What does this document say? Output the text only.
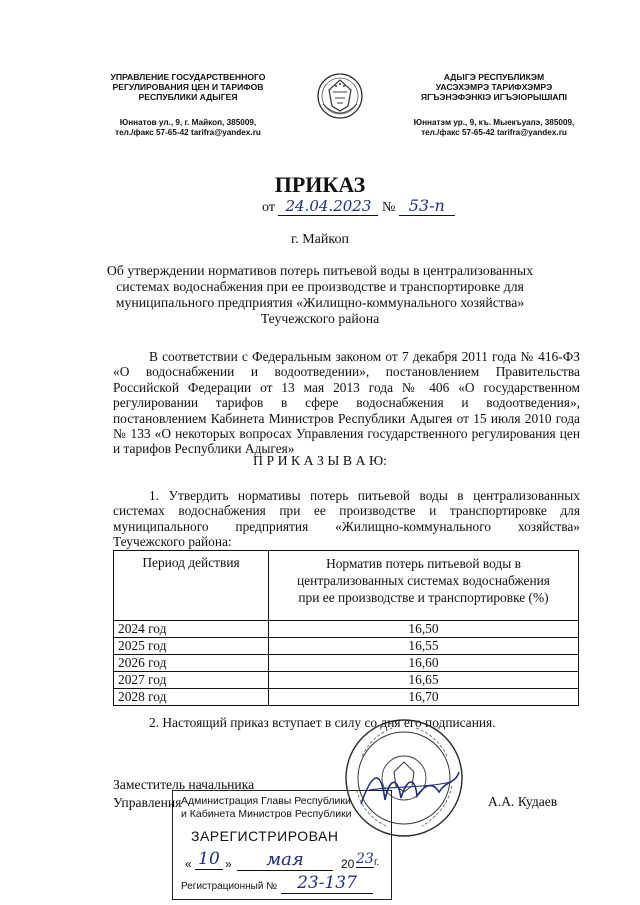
УПРАВЛЕНИЕ ГОСУДАРСТВЕННОГО
РЕГУЛИРОВАНИЯ ЦЕН И ТАРИФОВ
РЕСПУБЛИКИ АДЫГЕЯ
Юннатов ул., 9, г. Майкоп, 385009,
тел./факс 57-65-42 tarifra@yandex.ru
АДЫГЭ РЕСПУБЛИКЭМ
УАСЭХЭМРЭ ТАРИФХЭМРЭ
ЯГЪЭНЭФЭНКIЭ ИГЪЭIОРЫШIАПI
Юннатэм ур., 9, къ. Мыекъуапэ, 385009,
тел./факс 57-65-42 tarifra@yandex.ru
ПРИКАЗ
от 24.04.2023 № 53-п
г. Майкоп
Об утверждении нормативов потерь питьевой воды в централизованных
системах водоснабжения при ее производстве и транспортировке для
муниципального предприятия «Жилищно-коммунального хозяйства»
Теучежского района
В соответствии с Федеральным законом от 7 декабря 2011 года № 416-ФЗ «О водоснабжении и водоотведении», постановлением Правительства Российской Федерации от 13 мая 2013 года № 406 «О государственном регулировании тарифов в сфере водоснабжения и водоотведения», постановлением Кабинета Министров Республики Адыгея от 15 июля 2010 года № 133 «О некоторых вопросах Управления государственного регулирования цен и тарифов Республики Адыгея»
П Р И К А З Ы В А Ю:
1. Утвердить нормативы потерь питьевой воды в централизованных системах водоснабжения при ее производстве и транспортировке для муниципального предприятия «Жилищно-коммунального хозяйства» Теучежского района:
Период действия	Норматив потерь питьевой воды в
централизованных системах водоснабжения
при ее производстве и транспортировке (%)

2024 год	16,50
2025 год	16,55
2026 год	16,60
2027 год	16,65
2028 год	16,70
2. Настоящий приказ вступает в силу со дня его подписания.
Заместитель начальника
Управления	А.А. Кудаев
Администрация Главы Республики
и Кабинета Министров Республики
ЗАРЕГИСТРИРОВАН
« 10 »	мая	20 23 г.
Регистрационный №	23-137
